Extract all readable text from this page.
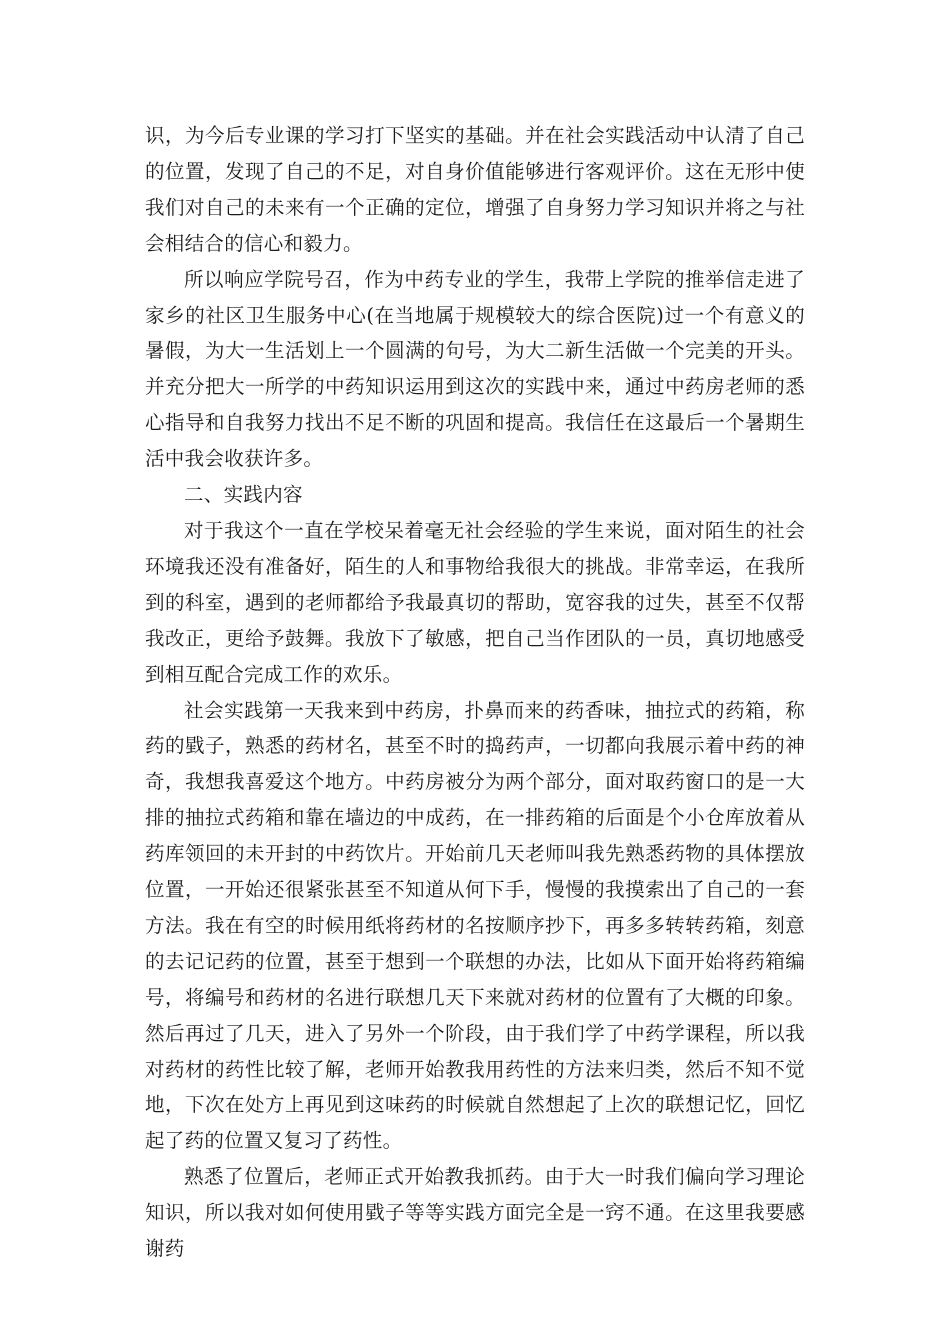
识，为今后专业课的学习打下坚实的基础。并在社会实践活动中认清了自己的位置，发现了自己的不足，对自身价值能够进行客观评价。这在无形中使我们对自己的未来有一个正确的定位，增强了自身努力学习知识并将之与社会相结合的信心和毅力。

所以响应学院号召，作为中药专业的学生，我带上学院的推举信走进了家乡的社区卫生服务中心(在当地属于规模较大的综合医院)过一个有意义的暑假，为大一生活划上一个圆满的句号，为大二新生活做一个完美的开头。并充分把大一所学的中药知识运用到这次的实践中来，通过中药房老师的悉心指导和自我努力找出不足不断的巩固和提高。我信任在这最后一个暑期生活中我会收获许多。

二、实践内容

对于我这个一直在学校呆着毫无社会经验的学生来说，面对陌生的社会环境我还没有准备好，陌生的人和事物给我很大的挑战。非常幸运，在我所到的科室，遇到的老师都给予我最真切的帮助，宽容我的过失，甚至不仅帮我改正，更给予鼓舞。我放下了敏感，把自己当作团队的一员，真切地感受到相互配合完成工作的欢乐。

社会实践第一天我来到中药房，扑鼻而来的药香味，抽拉式的药箱，称药的戥子，熟悉的药材名，甚至不时的捣药声，一切都向我展示着中药的神奇，我想我喜爱这个地方。中药房被分为两个部分，面对取药窗口的是一大排的抽拉式药箱和靠在墙边的中成药，在一排药箱的后面是个小仓库放着从药库领回的未开封的中药饮片。开始前几天老师叫我先熟悉药物的具体摆放位置，一开始还很紧张甚至不知道从何下手，慢慢的我摸索出了自己的一套方法。我在有空的时候用纸将药材的名按顺序抄下，再多多转转药箱，刻意的去记记药的位置，甚至于想到一个联想的办法，比如从下面开始将药箱编号，将编号和药材的名进行联想几天下来就对药材的位置有了大概的印象。然后再过了几天，进入了另外一个阶段，由于我们学了中药学课程，所以我对药材的药性比较了解，老师开始教我用药性的方法来归类，然后不知不觉地，下次在处方上再见到这味药的时候就自然想起了上次的联想记忆，回忆起了药的位置又复习了药性。

熟悉了位置后，老师正式开始教我抓药。由于大一时我们偏向学习理论知识，所以我对如何使用戥子等等实践方面完全是一窍不通。在这里我要感谢药
